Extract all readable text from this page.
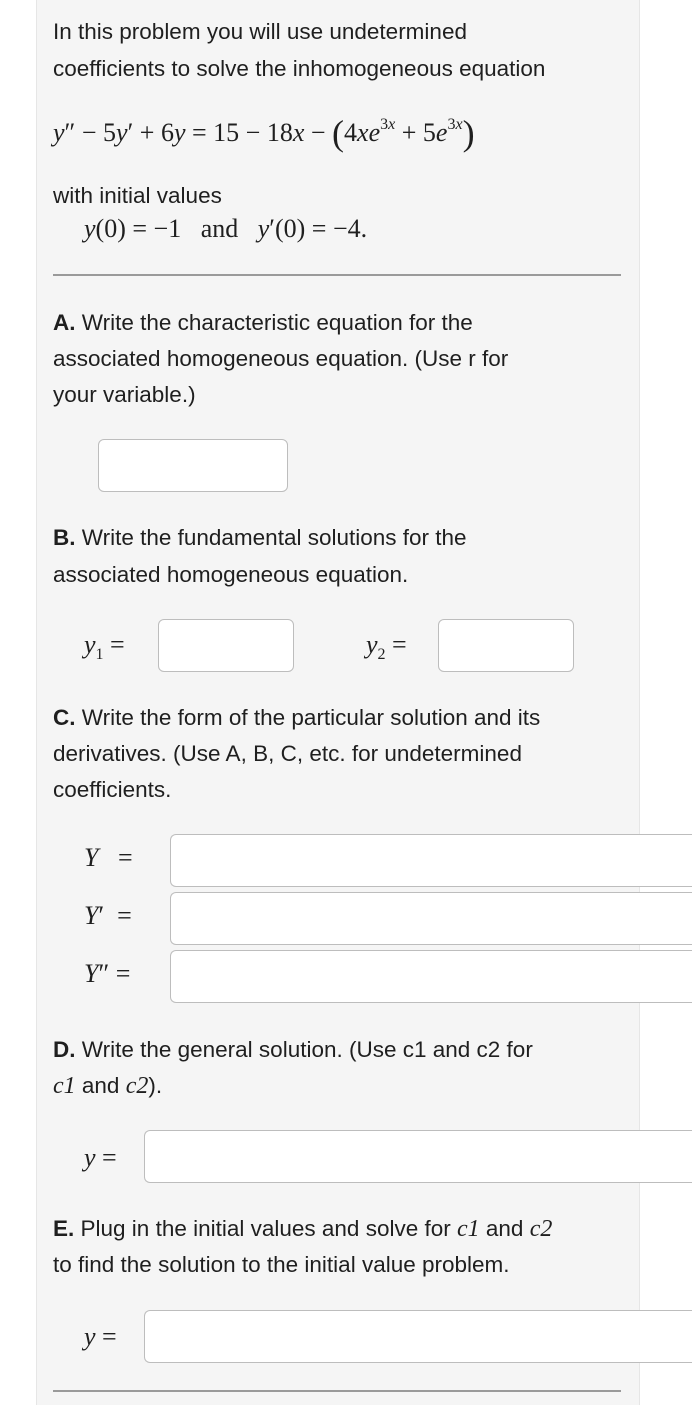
In this problem you will use undetermined
coefficients to solve the inhomogeneous equation
$y'' - 5y' + 6y = 15 - 18x - (4xe^{3x} + 5e^{3x})$
with initial values
y(0) = −1   and   y′(0) = −4.
A. Write the characteristic equation for the
associated homogeneous equation. (Use r for
your variable.)
B. Write the fundamental solutions for the
associated homogeneous equation.
$y_1$ =	$y_2$ =
C. Write the form of the particular solution and its
derivatives. (Use A, B, C, etc. for undetermined
coefficients.
Y   =
Y′  =
Y″ =
D. Write the general solution. (Use c1 and c2 for
c1 and c2).
y =
E. Plug in the initial values and solve for c1 and c2
to find the solution to the initial value problem.
y =
